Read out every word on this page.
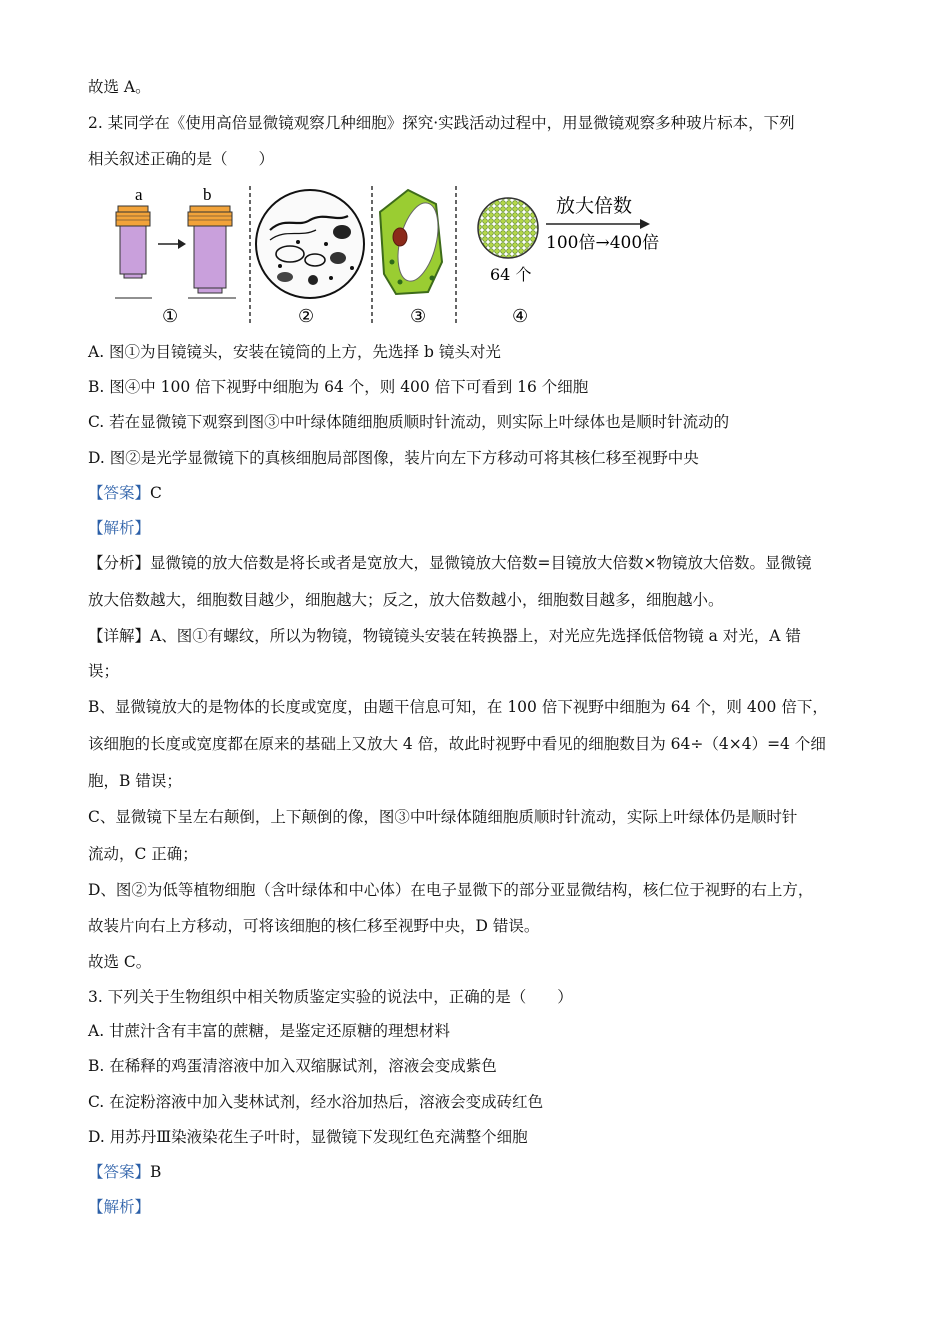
故选 A。
2. 某同学在《使用高倍显微镜观察几种细胞》探究·实践活动过程中，用显微镜观察多种玻片标本，下列
相关叙述正确的是（　　）
a	b
①	②	③
64 个
放大倍数
100倍→400倍
④
A. 图①为目镜镜头，安装在镜筒的上方，先选择 b 镜头对光
B. 图④中 100 倍下视野中细胞为 64 个，则 400 倍下可看到 16 个细胞
C. 若在显微镜下观察到图③中叶绿体随细胞质顺时针流动，则实际上叶绿体也是顺时针流动的
D. 图②是光学显微镜下的真核细胞局部图像，装片向左下方移动可将其核仁移至视野中央
【答案】C
【解析】
【分析】显微镜的放大倍数是将长或者是宽放大，显微镜放大倍数=目镜放大倍数×物镜放大倍数。显微镜
放大倍数越大，细胞数目越少，细胞越大；反之，放大倍数越小，细胞数目越多，细胞越小。
【详解】A、图①有螺纹，所以为物镜，物镜镜头安装在转换器上，对光应先选择低倍物镜 a 对光，A 错
误；
B、显微镜放大的是物体的长度或宽度，由题干信息可知，在 100 倍下视野中细胞为 64 个，则 400 倍下，
该细胞的长度或宽度都在原来的基础上又放大 4 倍，故此时视野中看见的细胞数目为 64÷（4×4）=4 个细
胞，B 错误；
C、显微镜下呈左右颠倒，上下颠倒的像，图③中叶绿体随细胞质顺时针流动，实际上叶绿体仍是顺时针
流动，C 正确；
D、图②为低等植物细胞（含叶绿体和中心体）在电子显微下的部分亚显微结构，核仁位于视野的右上方，
故装片向右上方移动，可将该细胞的核仁移至视野中央，D 错误。
故选 C。
3. 下列关于生物组织中相关物质鉴定实验的说法中，正确的是（　　）
A. 甘蔗汁含有丰富的蔗糖，是鉴定还原糖的理想材料
B. 在稀释的鸡蛋清溶液中加入双缩脲试剂，溶液会变成紫色
C. 在淀粉溶液中加入斐林试剂，经水浴加热后，溶液会变成砖红色
D. 用苏丹Ⅲ染液染花生子叶时，显微镜下发现红色充满整个细胞
【答案】B
【解析】
